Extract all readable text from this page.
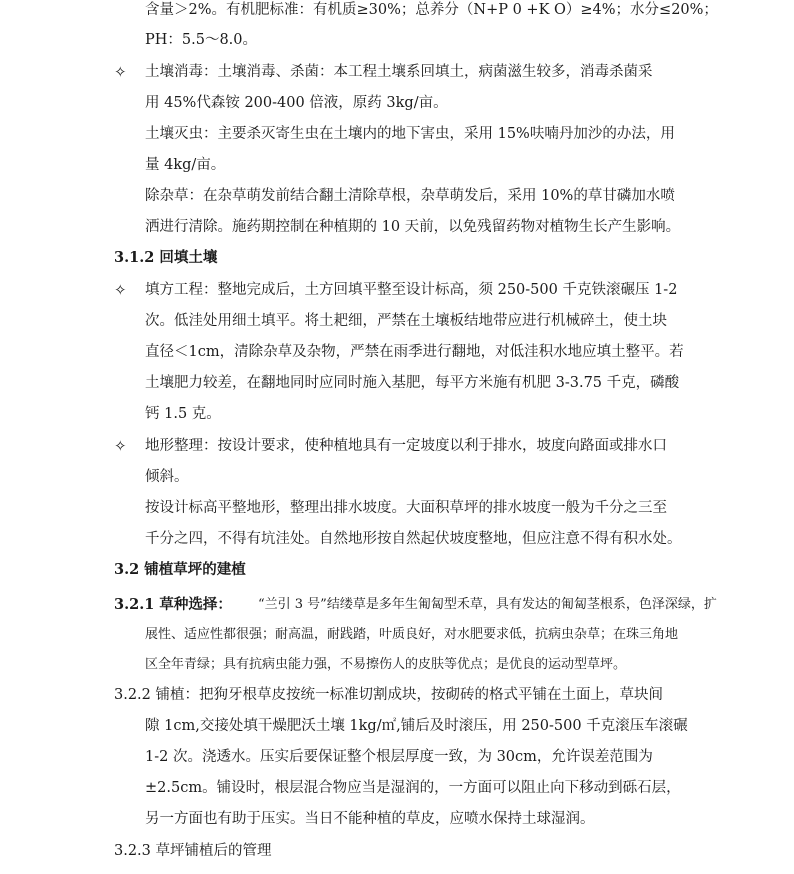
含量＞2%。有机肥标准：有机质≥30%；总养分（N+P 0 +K O）≥4%；水分≤20%；
PH：5.5～8.0。
✧ 土壤消毒：土壤消毒、杀菌：本工程土壤系回填土，病菌滋生较多，消毒杀菌采
用 45%代森铵 200-400 倍液，原药 3kg/亩。
土壤灭虫：主要杀灭寄生虫在土壤内的地下害虫，采用 15%呋喃丹加沙的办法，用
量 4kg/亩。
除杂草：在杂草萌发前结合翻土清除草根，杂草萌发后，采用 10%的草甘磷加水喷
洒进行清除。施药期控制在种植期的 10 天前，以免残留药物对植物生长产生影响。
3.1.2 回填土壤
✧ 填方工程：整地完成后，土方回填平整至设计标高，须 250-500 千克铁滚碾压 1-2
次。低洼处用细土填平。将土耙细，严禁在土壤板结地带应进行机械碎土，使土块
直径＜1cm，清除杂草及杂物，严禁在雨季进行翻地，对低洼积水地应填土整平。若
土壤肥力较差，在翻地同时应同时施入基肥，每平方米施有机肥 3-3.75 千克，磷酸
钙 1.5 克。
✧ 地形整理：按设计要求，使种植地具有一定坡度以利于排水，坡度向路面或排水口
倾斜。
按设计标高平整地形，整理出排水坡度。大面积草坪的排水坡度一般为千分之三至
千分之四，不得有坑洼处。自然地形按自然起伏坡度整地，但应注意不得有积水处。
3.2 铺植草坪的建植
3.2.1 草种选择： “兰引 3 号”结缕草是多年生匍匐型禾草，具有发达的匍匐茎根系，色泽深绿，扩
展性、适应性都很强；耐高温，耐践踏，叶质良好，对水肥要求低，抗病虫杂草；在珠三角地
区全年青绿；具有抗病虫能力强，不易擦伤人的皮肤等优点；是优良的运动型草坪。
3.2.2 铺植：把狗牙根草皮按统一标准切割成块，按砌砖的格式平铺在土面上，草块间
隙 1cm,交接处填干燥肥沃土壤 1kg/㎡,铺后及时滚压，用 250-500 千克滚压车滚碾
1-2 次。浇透水。压实后要保证整个根层厚度一致，为 30cm，允许误差范围为
±2.5cm。铺设时，根层混合物应当是湿润的，一方面可以阻止向下移动到砾石层，
另一方面也有助于压实。当日不能种植的草皮，应喷水保持土球湿润。
3.2.3 草坪铺植后的管理
